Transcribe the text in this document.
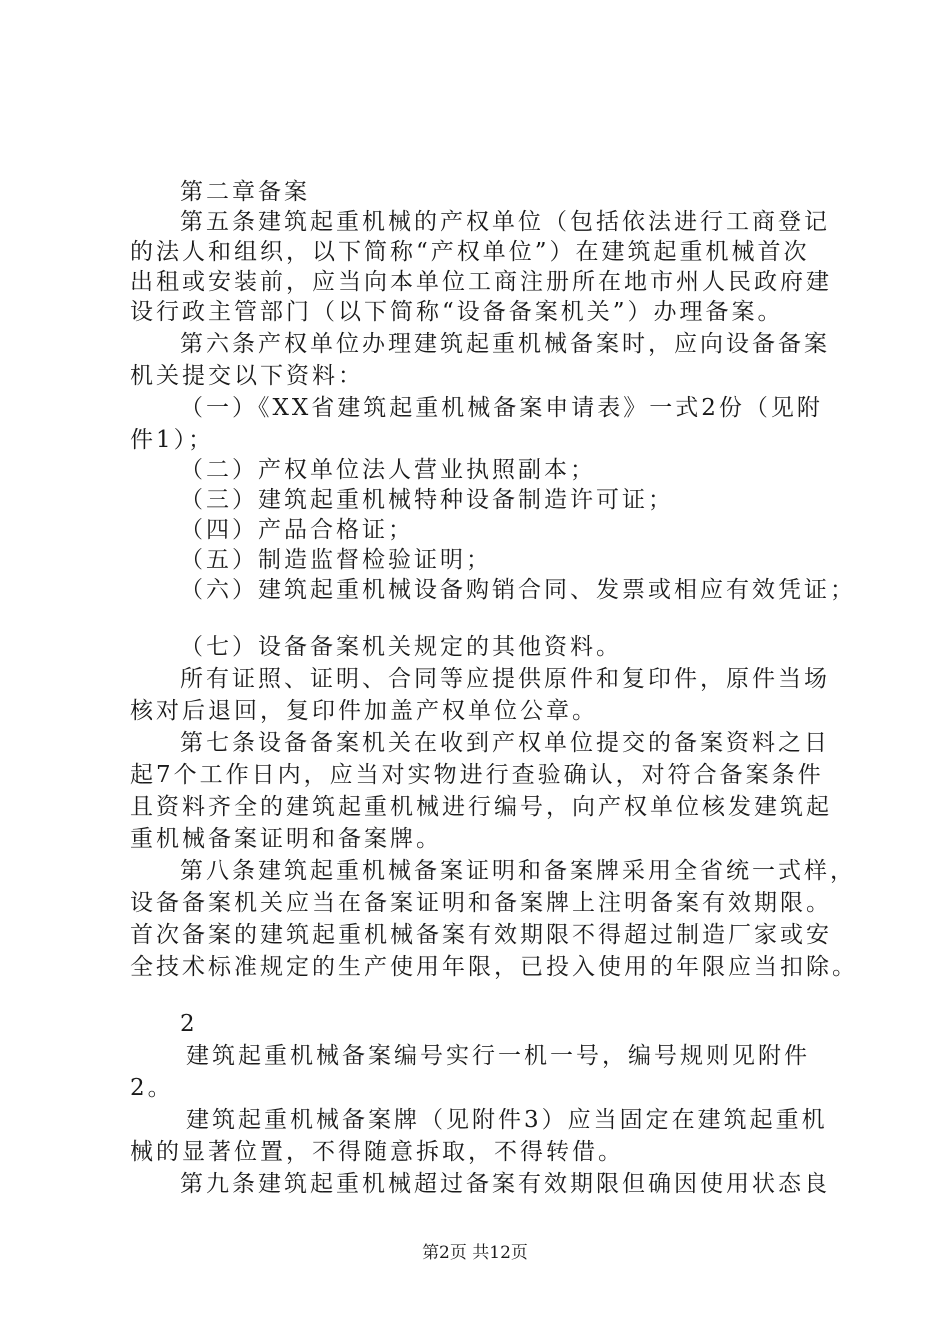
第二章备案
第五条建筑起重机械的产权单位（包括依法进行工商登记
的法人和组织，以下简称“产权单位”）在建筑起重机械首次
出租或安装前，应当向本单位工商注册所在地市州人民政府建
设行政主管部门（以下简称“设备备案机关”）办理备案。
第六条产权单位办理建筑起重机械备案时，应向设备备案
机关提交以下资料：
（一）《XX省建筑起重机械备案申请表》一式2份（见附
件1）；
（二）产权单位法人营业执照副本；
（三）建筑起重机械特种设备制造许可证；
（四）产品合格证；
（五）制造监督检验证明；
（六）建筑起重机械设备购销合同、发票或相应有效凭证；
（七）设备备案机关规定的其他资料。
所有证照、证明、合同等应提供原件和复印件，原件当场
核对后退回，复印件加盖产权单位公章。
第七条设备备案机关在收到产权单位提交的备案资料之日
起7个工作日内，应当对实物进行查验确认，对符合备案条件
且资料齐全的建筑起重机械进行编号，向产权单位核发建筑起
重机械备案证明和备案牌。
第八条建筑起重机械备案证明和备案牌采用全省统一式样，
设备备案机关应当在备案证明和备案牌上注明备案有效期限。
首次备案的建筑起重机械备案有效期限不得超过制造厂家或安
全技术标准规定的生产使用年限，已投入使用的年限应当扣除。
2
建筑起重机械备案编号实行一机一号，编号规则见附件
2。
建筑起重机械备案牌（见附件3）应当固定在建筑起重机
械的显著位置，不得随意拆取，不得转借。
第九条建筑起重机械超过备案有效期限但确因使用状态良
第2页 共12页
